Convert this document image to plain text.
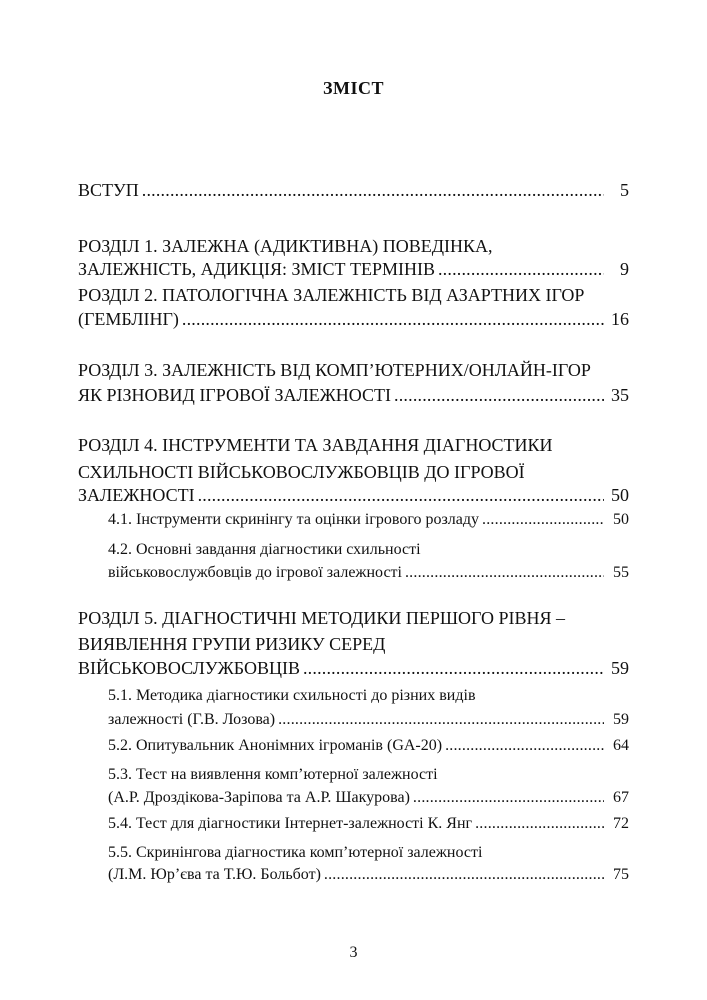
ЗМІСТ
ВСТУП .....	5
РОЗДІЛ 1. ЗАЛЕЖНА (АДИКТИВНА) ПОВЕДІНКА,
ЗАЛЕЖНІСТЬ, АДИКЦІЯ: ЗМІСТ ТЕРМІНІВ .....	9
РОЗДІЛ 2. ПАТОЛОГІЧНА ЗАЛЕЖНІСТЬ ВІД АЗАРТНИХ ІГОР
(ГЕМБЛІНГ) .....	16
РОЗДІЛ 3. ЗАЛЕЖНІСТЬ ВІД КОМП’ЮТЕРНИХ/ОНЛАЙН-ІГОР
ЯК РІЗНОВИД ІГРОВОЇ ЗАЛЕЖНОСТІ .....	35
РОЗДІЛ 4. ІНСТРУМЕНТИ ТА ЗАВДАННЯ ДІАГНОСТИКИ
СХИЛЬНОСТІ ВІЙСЬКОВОСЛУЖБОВЦІВ ДО ІГРОВОЇ
ЗАЛЕЖНОСТІ .....	50
4.1. Інструменти скринінгу та оцінки ігрового розладу .....	50
4.2. Основні завдання діагностики схильності
військовослужбовців до ігрової залежності .....	55
РОЗДІЛ 5. ДІАГНОСТИЧНІ МЕТОДИКИ ПЕРШОГО РІВНЯ –
ВИЯВЛЕННЯ ГРУПИ РИЗИКУ СЕРЕД
ВІЙСЬКОВОСЛУЖБОВЦІВ .....	59
5.1. Методика діагностики схильності до різних видів
залежності (Г.В. Лозова) .....	59
5.2. Опитувальник Анонімних ігроманів (GA-20) .....	64
5.3. Тест на виявлення комп’ютерної залежності
(А.Р. Дроздікова-Зарiпова та А.Р. Шакурова) .....	67
5.4. Тест для діагностики Інтернет-залежності К. Янг .....	72
5.5. Скринінгова діагностика комп’ютерної залежності
(Л.М. Юр’єва та Т.Ю. Больбот) .....	75
3
